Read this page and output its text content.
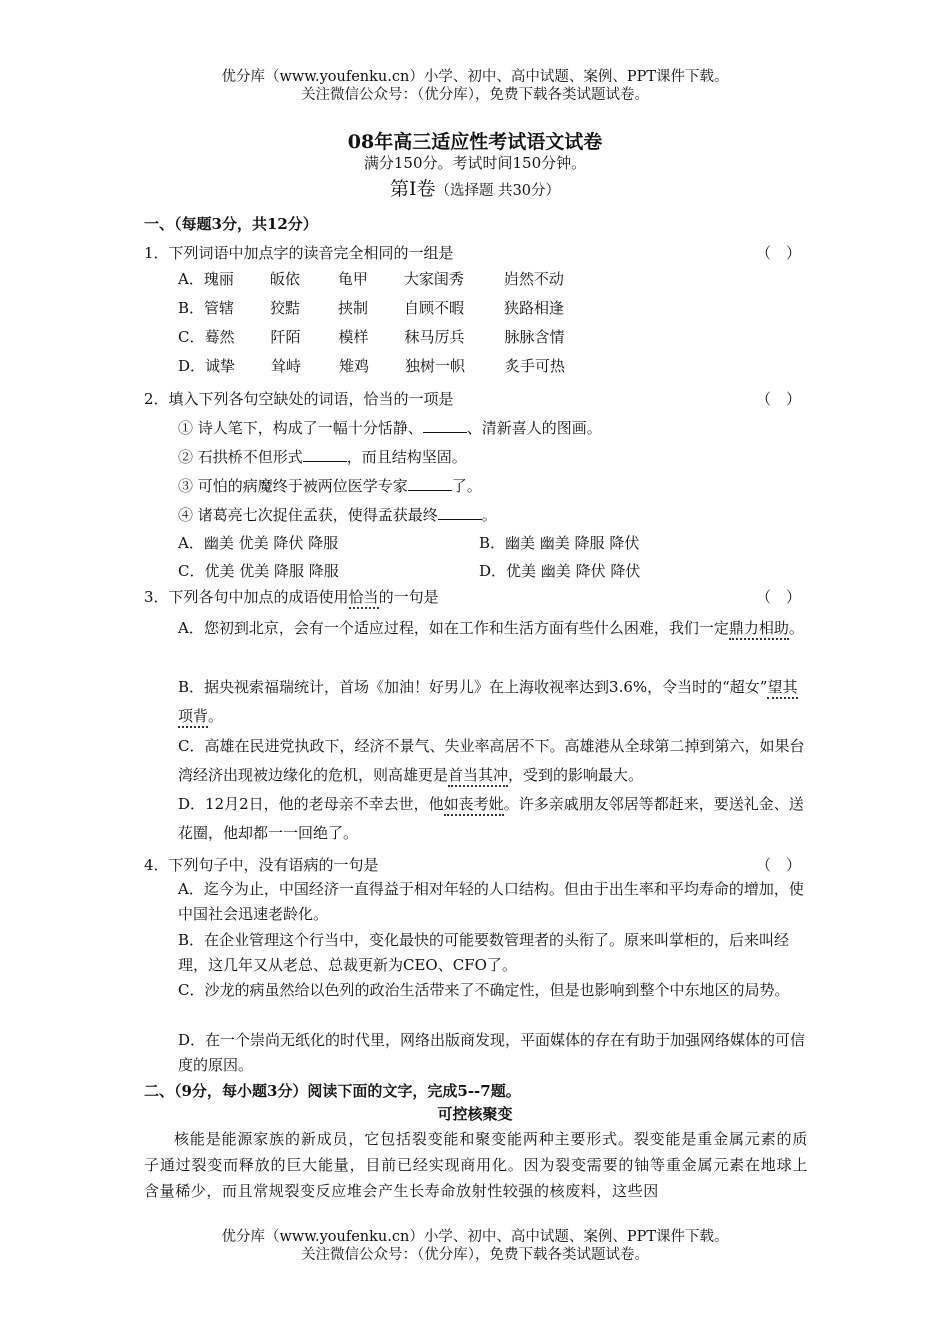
优分库（www.youfenku.cn）小学、初中、高中试题、案例、PPT课件下载。
关注微信公众号：（优分库），免费下载各类试题试卷。
08年高三适应性考试语文试卷
满分150分。考试时间150分钟。
第Ⅰ卷（选择题 共30分）
一、（每题3分，共12分）
1．下列词语中加点字的读音完全相同的一组是	（　）
A．瑰丽 皈依	龟甲 大家闺秀	岿然不动
B．管辖 狡黠	挟制 自顾不暇	狭路相逢
C．蓦然 阡陌	模样 秣马厉兵	脉脉含情
D．诚挚 耸峙	雉鸡 独树一帜	炙手可热
2．填入下列各句空缺处的词语，恰当的一项是	（　）
① 诗人笔下，构成了一幅十分恬静、	、清新喜人的图画。
② 石拱桥不但形式	，而且结构坚固。
③ 可怕的病魔终于被两位医学专家	了。
④ 诸葛亮七次捉住孟获，使得孟获最终	。
A．幽美 优美 降伏 降服	B．幽美 幽美 降服 降伏
C．优美 优美 降服 降服	D．优美 幽美 降伏 降伏
3．下列各句中加点的成语使用恰当的一句是	（　）
A．您初到北京，会有一个适应过程，如在工作和生活方面有些什么困难，我们一定鼎力相助。
B．据央视索福瑞统计，首场《加油！好男儿》在上海收视率达到3.6%，令当时的“超女”望其项背。
C．高雄在民进党执政下，经济不景气、失业率高居不下。高雄港从全球第二掉到第六，如果台湾经济出现被边缘化的危机，则高雄更是首当其冲，受到的影响最大。
D．12月2日，他的老母亲不幸去世，他如丧考妣。许多亲戚朋友邻居等都赶来，要送礼金、送花圈，他却都一一回绝了。
4．下列句子中，没有语病的一句是	（　）
A．迄今为止，中国经济一直得益于相对年轻的人口结构。但由于出生率和平均寿命的增加，使中国社会迅速老龄化。
B．在企业管理这个行当中，变化最快的可能要数管理者的头衔了。原来叫掌柜的，后来叫经理，这几年又从老总、总裁更新为CEO、CFO了。
C．沙龙的病虽然给以色列的政治生活带来了不确定性，但是也影响到整个中东地区的局势。
D．在一个崇尚无纸化的时代里，网络出版商发现，平面媒体的存在有助于加强网络媒体的可信度的原因。
二、（9分，每小题3分）阅读下面的文字，完成5--7题。
可控核聚变
核能是能源家族的新成员，它包括裂变能和聚变能两种主要形式。裂变能是重金属元素的质子通过裂变而释放的巨大能量，目前已经实现商用化。因为裂变需要的铀等重金属元素在地球上含量稀少，而且常规裂变反应堆会产生长寿命放射性较强的核废料，这些因
优分库（www.youfenku.cn）小学、初中、高中试题、案例、PPT课件下载。
关注微信公众号：（优分库），免费下载各类试题试卷。
